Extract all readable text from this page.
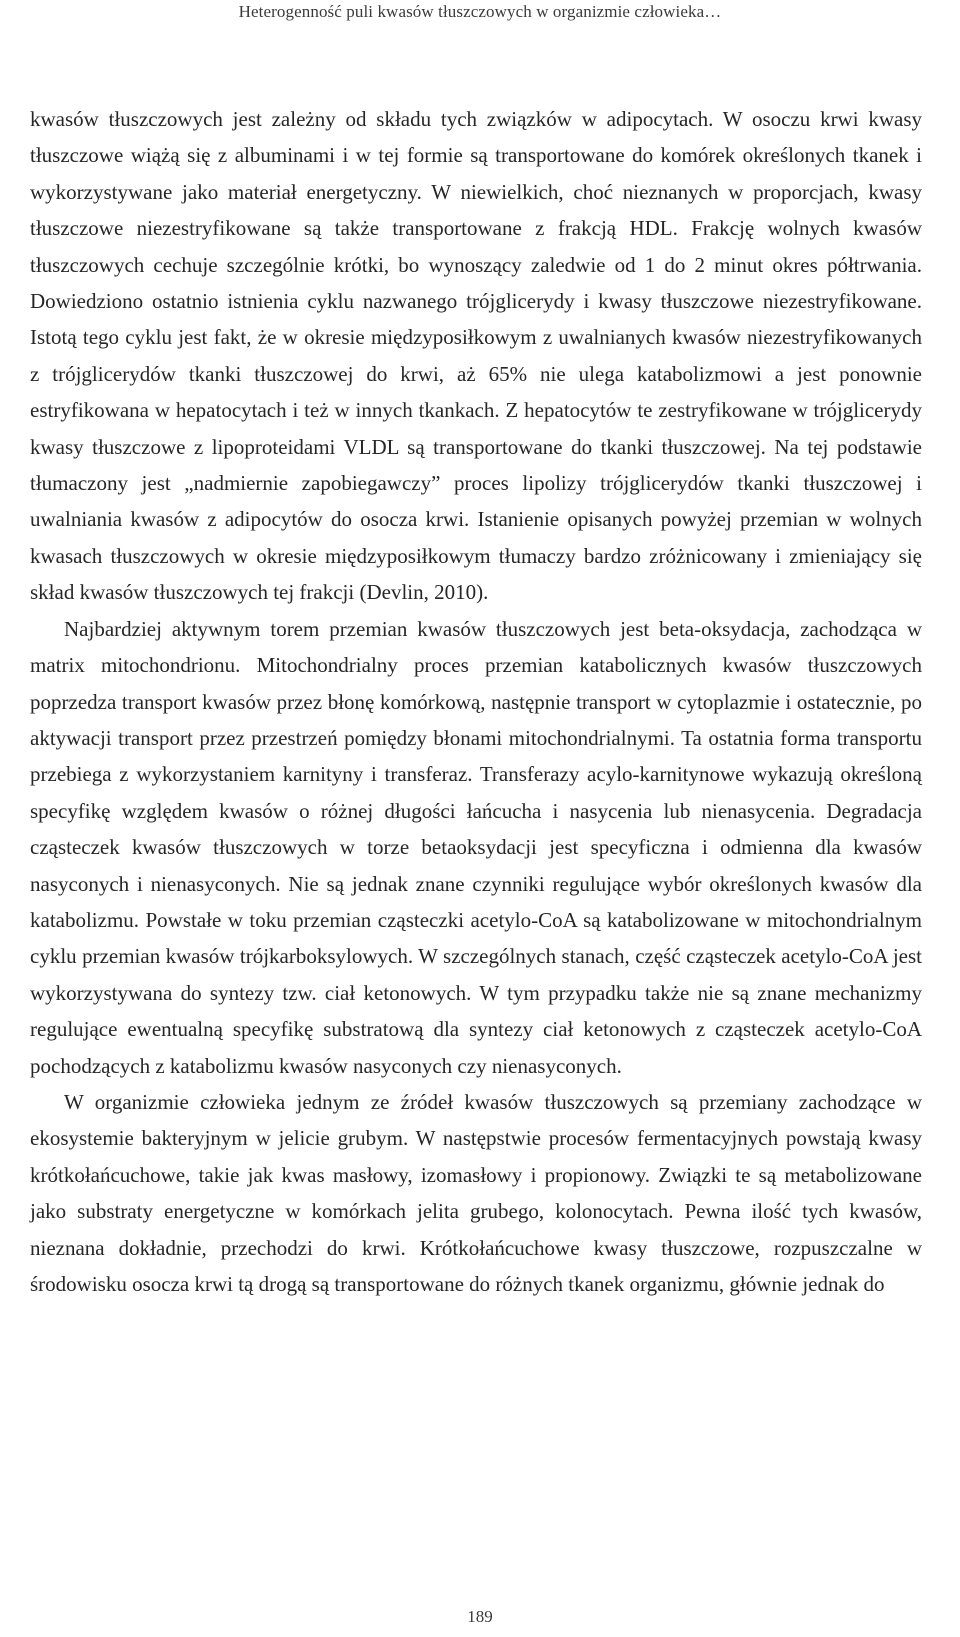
Heterogenność puli kwasów tłuszczowych w organizmie człowieka…

kwasów tłuszczowych jest zależny od składu tych związków w adipocytach. W osoczu krwi kwasy tłuszczowe wiążą się z albuminami i w tej formie są transportowane do komórek określonych tkanek i wykorzystywane jako materiał energetyczny. W niewielkich, choć nieznanych w proporcjach, kwasy tłuszczowe niezestryfikowane są także transportowane z frakcją HDL. Frakcję wolnych kwasów tłuszczowych cechuje szczególnie krótki, bo wynoszący zaledwie od 1 do 2 minut okres półtrwania. Dowiedziono ostatnio istnienia cyklu nazwanego trójglicerydy i kwasy tłuszczowe niezestryfikowane. Istotą tego cyklu jest fakt, że w okresie międzyposiłkowym z uwalnianych kwasów niezestryfikowanych z trójglicerydów tkanki tłuszczowej do krwi, aż 65% nie ulega katabolizmowi a jest ponownie estryfikowana w hepatocytach i też w innych tkankach. Z hepatocytów te zestryfikowane w trójglicerydy kwasy tłuszczowe z lipoproteidami VLDL są transportowane do tkanki tłuszczowej. Na tej podstawie tłumaczony jest „nadmiernie zapobiegawczy” proces lipolizy trójglicerydów tkanki tłuszczowej i uwalniania kwasów z adipocytów do osocza krwi. Istanienie opisanych powyżej przemian w wolnych kwasach tłuszczowych w okresie międzyposiłkowym tłumaczy bardzo zróżnicowany i zmieniający się skład kwasów tłuszczowych tej frakcji (Devlin, 2010).

Najbardziej aktywnym torem przemian kwasów tłuszczowych jest beta-oksydacja, zachodząca w matrix mitochondrionu. Mitochondrialny proces przemian katabolicznych kwasów tłuszczowych poprzedza transport kwasów przez błonę komórkową, następnie transport w cytoplazmie i ostatecznie, po aktywacji transport przez przestrzeń pomiędzy błonami mitochondrialnymi. Ta ostatnia forma transportu przebiega z wykorzystaniem karnityny i transferaz. Transferazy acylo-karnitynowe wykazują określoną specyfikę względem kwasów o różnej długości łańcucha i nasycenia lub nienasycenia. Degradacja cząsteczek kwasów tłuszczowych w torze betaoksydacji jest specyficzna i odmienna dla kwasów nasyconych i nienasyconych. Nie są jednak znane czynniki regulujące wybór określonych kwasów dla katabolizmu. Powstałe w toku przemian cząsteczki acetylo-CoA są katabolizowane w mitochondrialnym cyklu przemian kwasów trójkarboksylowych. W szczególnych stanach, część cząsteczek acetylo-CoA jest wykorzystywana do syntezy tzw. ciał ketonowych. W tym przypadku także nie są znane mechanizmy regulujące ewentualną specyfikę substratową dla syntezy ciał ketonowych z cząsteczek acetylo-CoA pochodzących z katabolizmu kwasów nasyconych czy nienasyconych.

W organizmie człowieka jednym ze źródeł kwasów tłuszczowych są przemiany zachodzące w ekosystemie bakteryjnym w jelicie grubym. W następstwie procesów fermentacyjnych powstają kwasy krótkołańcuchowe, takie jak kwas masłowy, izomasłowy i propionowy. Związki te są metabolizowane jako substraty energetyczne w komórkach jelita grubego, kolonocytach. Pewna ilość tych kwasów, nieznana dokładnie, przechodzi do krwi. Krótkołańcuchowe kwasy tłuszczowe, rozpuszczalne w środowisku osocza krwi tą drogą są transportowane do różnych tkanek organizmu, głównie jednak do

189
